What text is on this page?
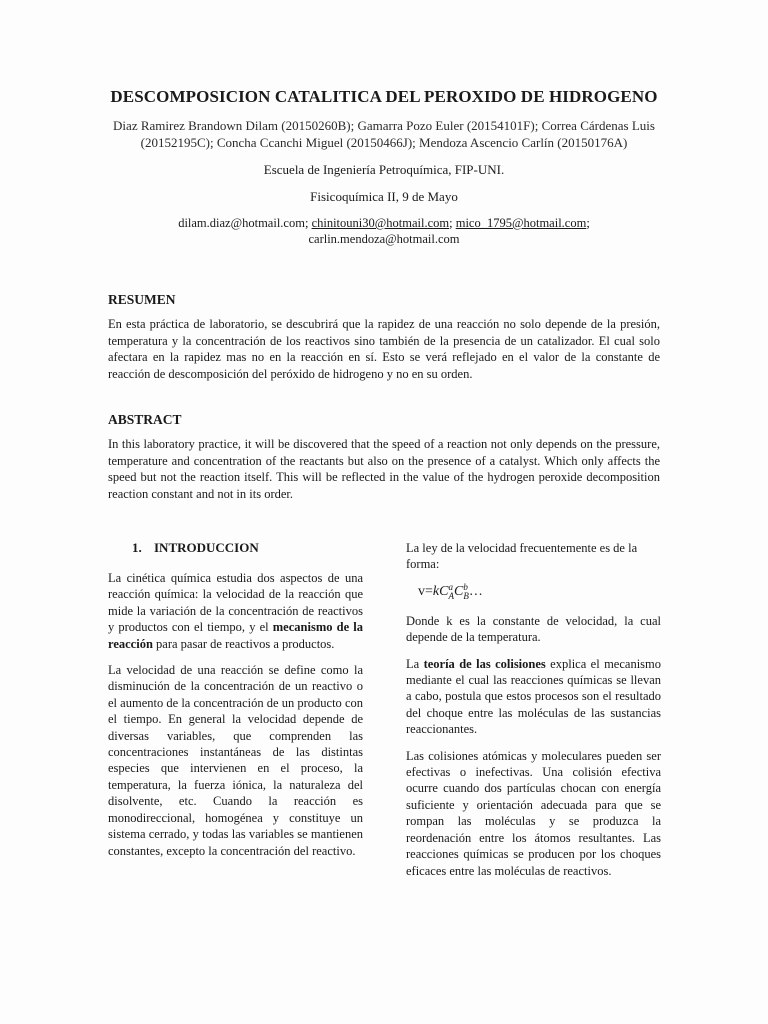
DESCOMPOSICION CATALITICA DEL PEROXIDO DE HIDROGENO
Diaz Ramirez Brandown Dilam (20150260B); Gamarra Pozo Euler (20154101F); Correa Cárdenas Luis (20152195C); Concha Ccanchi Miguel (20150466J); Mendoza Ascencio Carlín (20150176A)
Escuela de Ingeniería Petroquímica, FIP-UNI.
Fisicoquímica II, 9 de Mayo
dilam.diaz@hotmail.com; chinitouni30@hotmail.com; mico_1795@hotmail.com;
carlin.mendoza@hotmail.com
RESUMEN

En esta práctica de laboratorio, se descubrirá que la rapidez de una reacción no solo depende de la presión, temperatura y la concentración de los reactivos sino también de la presencia de un catalizador. El cual solo afectara en la rapidez mas no en la reacción en sí. Esto se verá reflejado en el valor de la constante de reacción de descomposición del peróxido de hidrogeno y no en su orden.

ABSTRACT

In this laboratory practice, it will be discovered that the speed of a reaction not only depends on the pressure, temperature and concentration of the reactants but also on the presence of a catalyst. Which only affects the speed but not the reaction itself. This will be reflected in the value of the hydrogen peroxide decomposition reaction constant and not in its order.

1. INTRODUCCION

La cinética química estudia dos aspectos de una reacción química: la velocidad de la reacción que mide la variación de la concentración de reactivos y productos con el tiempo, y el mecanismo de la reacción para pasar de reactivos a productos.

La velocidad de una reacción se define como la disminución de la concentración de un reactivo o el aumento de la concentración de un producto con el tiempo. En general la velocidad depende de diversas variables, que comprenden las concentraciones instantáneas de las distintas especies que intervienen en el proceso, la temperatura, la fuerza iónica, la naturaleza del disolvente, etc. Cuando la reacción es monodireccional, homogénea y constituye un sistema cerrado, y todas las variables se mantienen constantes, excepto la concentración del reactivo.

La ley de la velocidad frecuentemente es de la forma:

v=kC a
A C b
B …

Donde k es la constante de velocidad, la cual depende de la temperatura.

La teoría de las colisiones explica el mecanismo mediante el cual las reacciones químicas se llevan a cabo, postula que estos procesos son el resultado del choque entre las moléculas de las sustancias reaccionantes.

Las colisiones atómicas y moleculares pueden ser efectivas o inefectivas. Una colisión efectiva ocurre cuando dos partículas chocan con energía suficiente y orientación adecuada para que se rompan las moléculas y se produzca la reordenación entre los átomos resultantes. Las reacciones químicas se producen por los choques eficaces entre las moléculas de reactivos.
